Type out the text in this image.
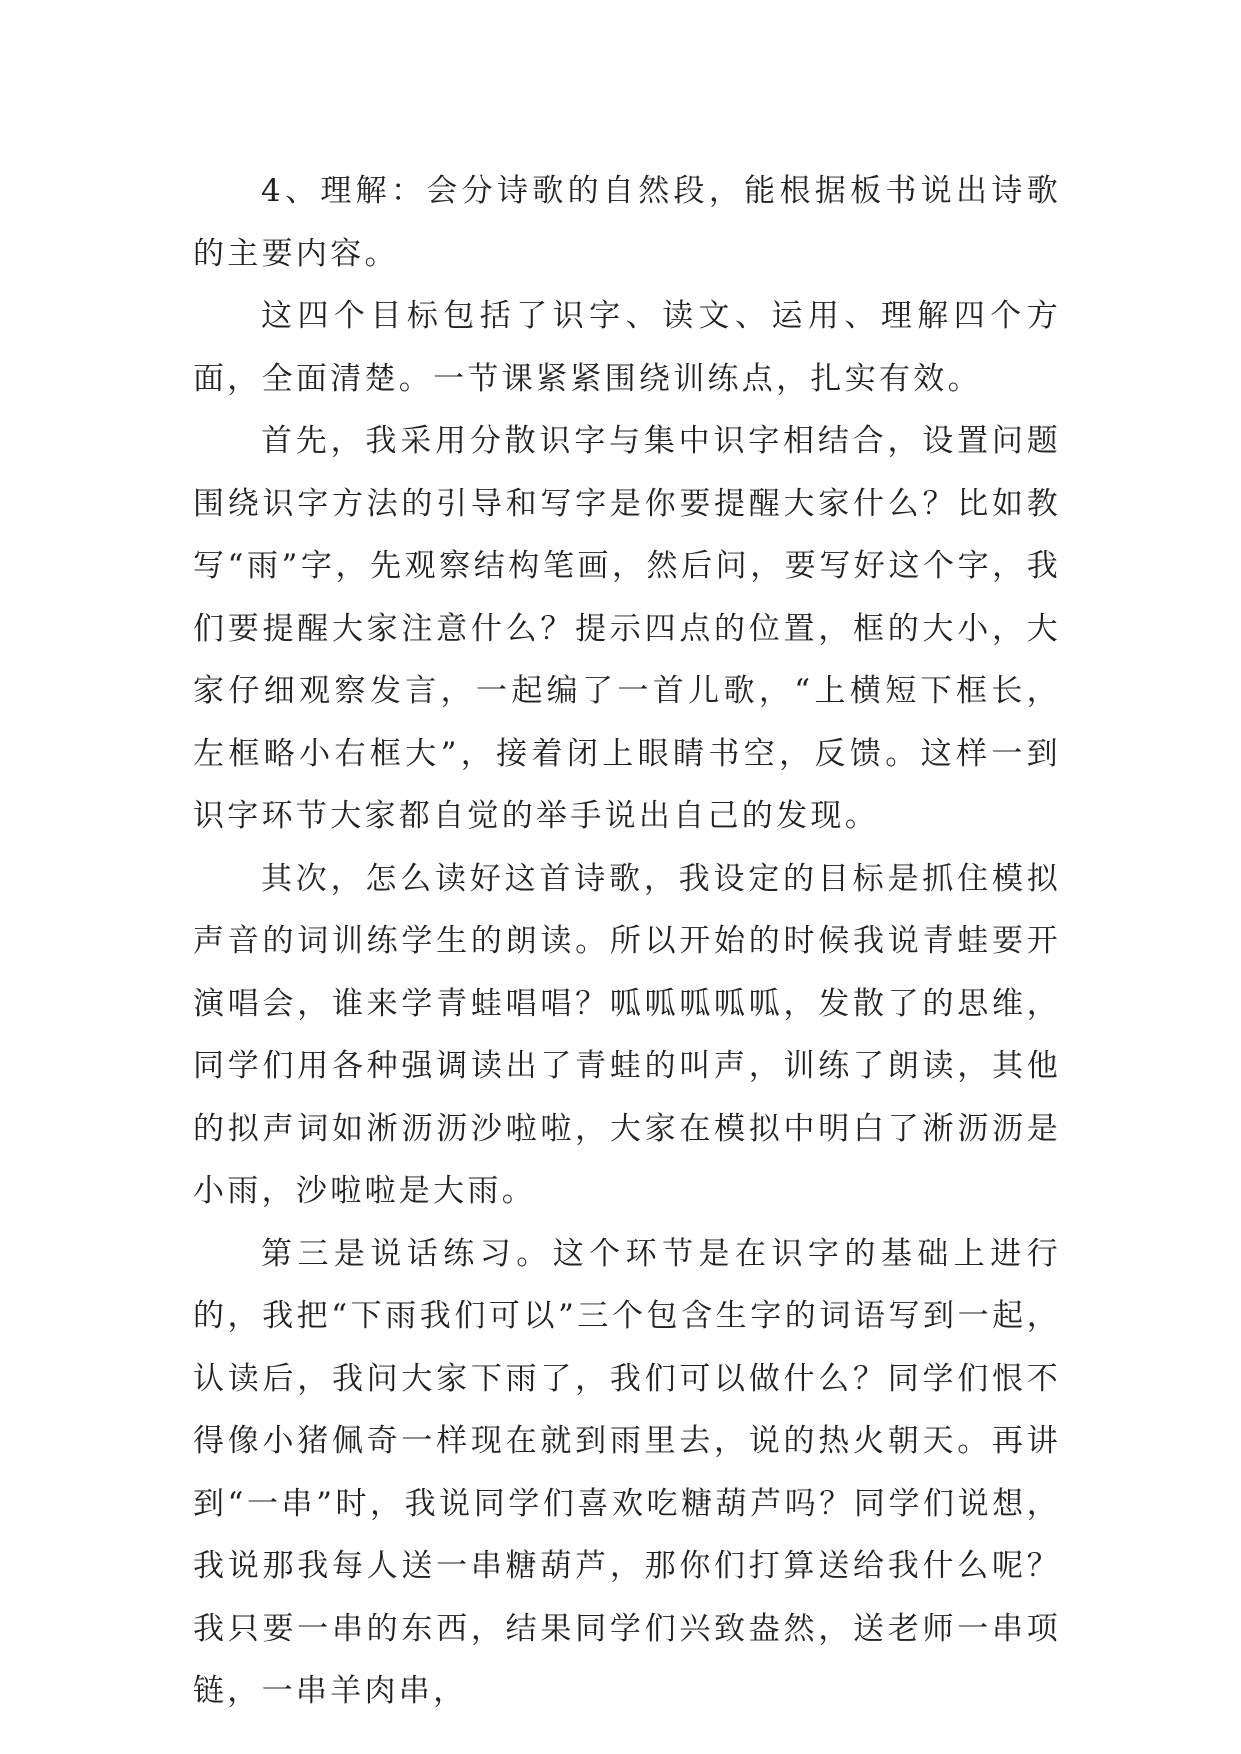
4、理解：会分诗歌的自然段，能根据板书说出诗歌的主要内容。

这四个目标包括了识字、读文、运用、理解四个方面，全面清楚。一节课紧紧围绕训练点，扎实有效。

首先，我采用分散识字与集中识字相结合，设置问题围绕识字方法的引导和写字是你要提醒大家什么？比如教写“雨”字，先观察结构笔画，然后问，要写好这个字，我们要提醒大家注意什么？提示四点的位置，框的大小，大家仔细观察发言，一起编了一首儿歌，“上横短下框长，左框略小右框大”，接着闭上眼睛书空，反馈。这样一到识字环节大家都自觉的举手说出自己的发现。

其次，怎么读好这首诗歌，我设定的目标是抓住模拟声音的词训练学生的朗读。所以开始的时候我说青蛙要开演唱会，谁来学青蛙唱唱？呱呱呱呱呱，发散了的思维，同学们用各种强调读出了青蛙的叫声，训练了朗读，其他的拟声词如淅沥沥沙啦啦，大家在模拟中明白了淅沥沥是小雨，沙啦啦是大雨。

第三是说话练习。这个环节是在识字的基础上进行的，我把“下雨我们可以”三个包含生字的词语写到一起，认读后，我问大家下雨了，我们可以做什么？同学们恨不得像小猪佩奇一样现在就到雨里去，说的热火朝天。再讲到“一串”时，我说同学们喜欢吃糖葫芦吗？同学们说想，我说那我每人送一串糖葫芦，那你们打算送给我什么呢？我只要一串的东西，结果同学们兴致盎然，送老师一串项链，一串羊肉串，
